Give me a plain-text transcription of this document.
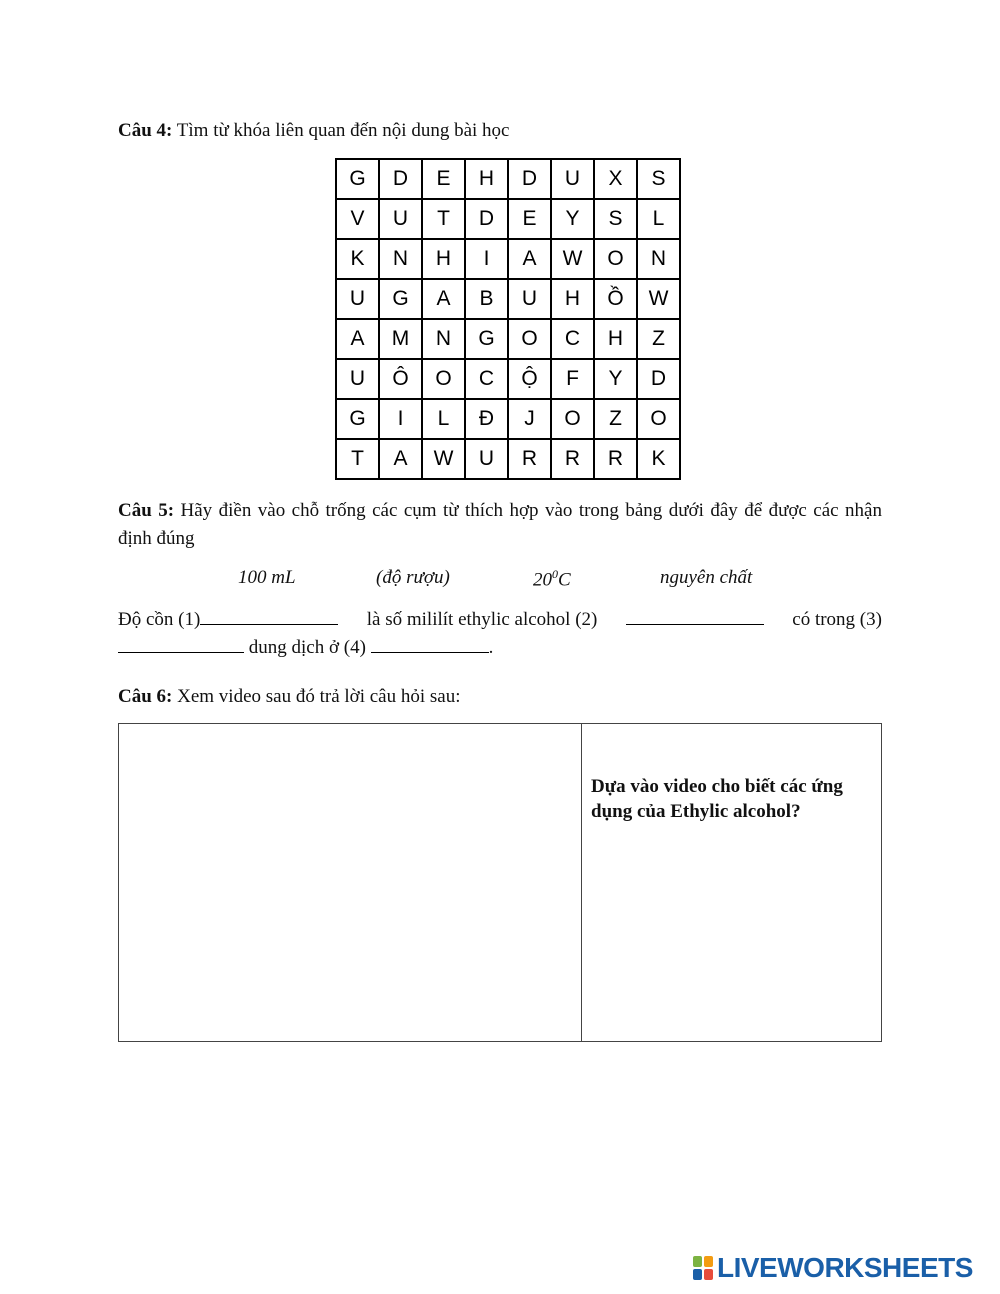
Câu 4: Tìm từ khóa liên quan đến nội dung bài học
G	D	E	H	D	U	X	S
V	U	T	D	E	Y	S	L
K	N	H	I	A	W	O	N
U	G	A	B	U	H	Ồ	W
A	M	N	G	O	C	H	Z
U	Ô	O	C	Ộ	F	Y	D
G	I	L	Đ	J	O	Z	O
T	A	W	U	R	R	R	K
Câu 5: Hãy điền vào chỗ trống các cụm từ thích hợp vào trong bảng dưới đây để được các nhận định đúng
100 mL	(độ rượu)	$20^0C$	nguyên chất
Độ cồn (1)	là số mililít ethylic alcohol (2)	có trong (3)
dung dịch ở (4)	.
Câu 6: Xem video sau đó trả lời câu hỏi sau:
Dựa vào video cho biết các ứng dụng của Ethylic alcohol?
LIVEWORKSHEETS
